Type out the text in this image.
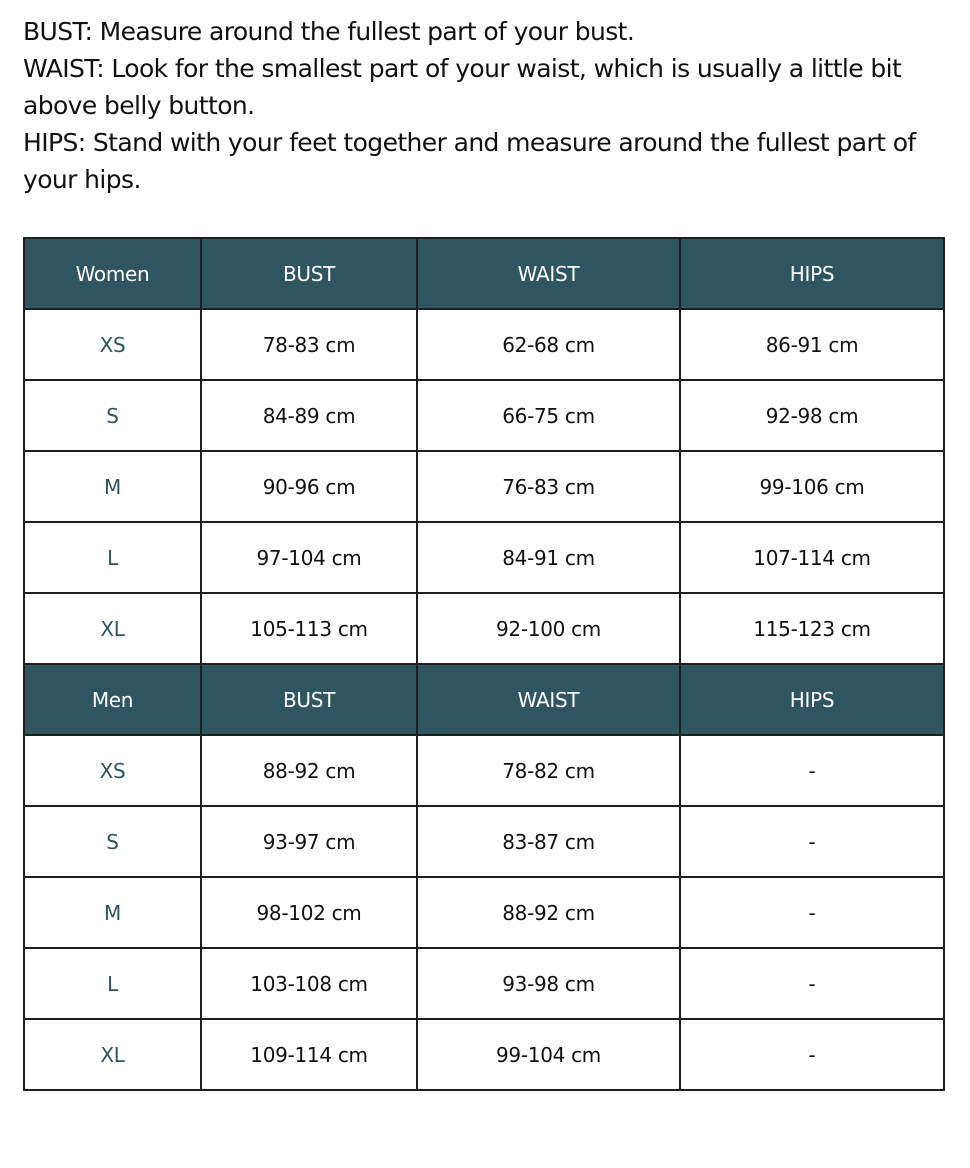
BUST: Measure around the fullest part of your bust.

WAIST: Look for the smallest part of your waist, which is usually a little bit above belly button.

HIPS: Stand with your feet together and measure around the fullest part of your hips.

Women	BUST	WAIST	HIPS
XS	78-83 cm	62-68 cm	86-91 cm
S	84-89 cm	66-75 cm	92-98 cm
M	90-96 cm	76-83 cm	99-106 cm
L	97-104 cm	84-91 cm	107-114 cm
XL	105-113 cm	92-100 cm	115-123 cm
Men	BUST	WAIST	HIPS
XS	88-92 cm	78-82 cm	-
S	93-97 cm	83-87 cm	-
M	98-102 cm	88-92 cm	-
L	103-108 cm	93-98 cm	-
XL	109-114 cm	99-104 cm	-
